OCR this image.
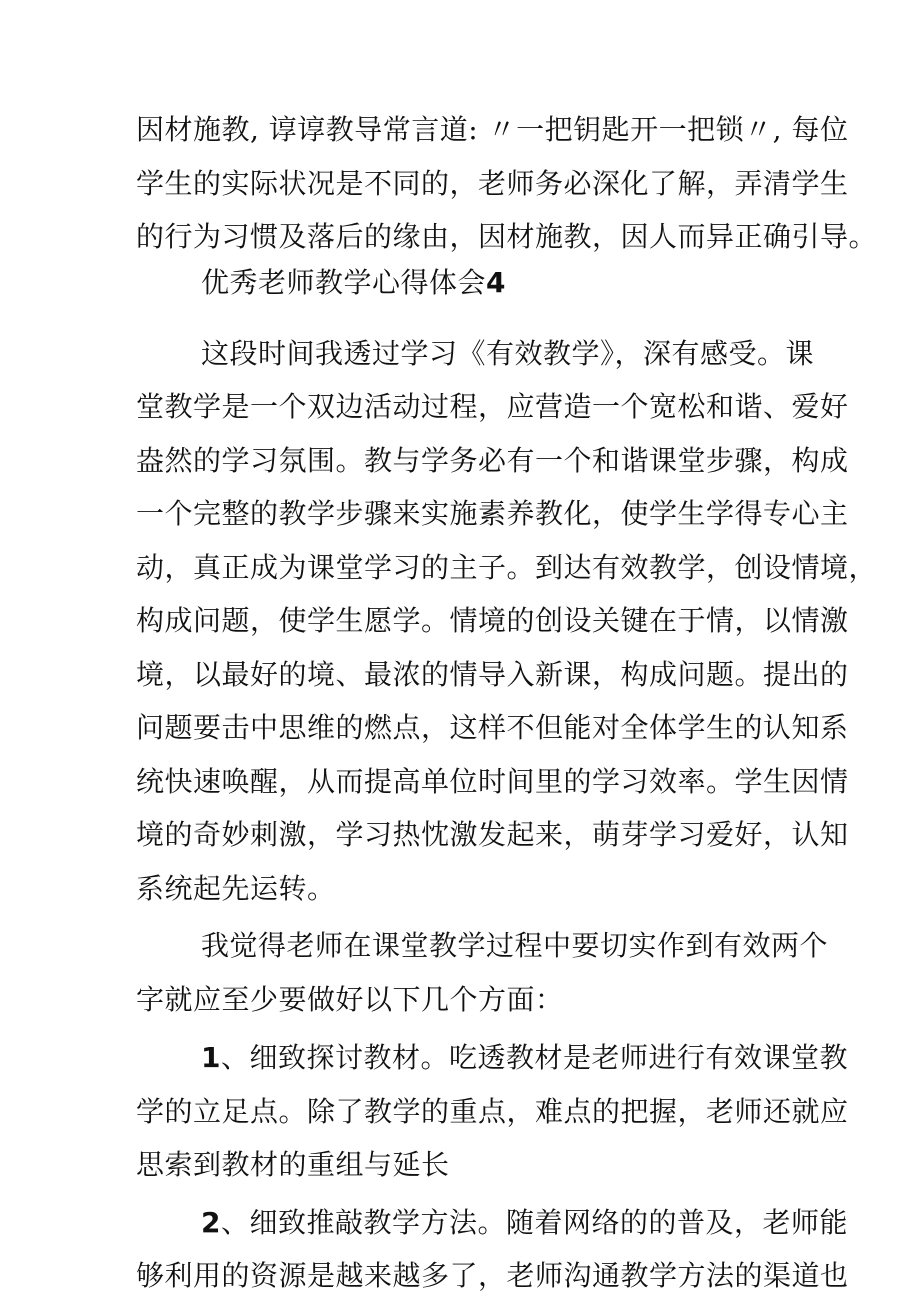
因材施教, 谆谆教导常言道: 〃一把钥匙开一把锁〃, 每位
学生的实际状况是不同的，老师务必深化了解，弄清学生
的行为习惯及落后的缘由，因材施教，因人而异正确引导。
优秀老师教学心得体会4
这段时间我透过学习《有效教学》，深有感受。课
堂教学是一个双边活动过程，应营造一个宽松和谐、爱好
盎然的学习氛围。教与学务必有一个和谐课堂步骤，构成
一个完整的教学步骤来实施素养教化，使学生学得专心主
动，真正成为课堂学习的主子。到达有效教学，创设情境，
构成问题，使学生愿学。情境的创设关键在于情，以情激
境，以最好的境、最浓的情导入新课，构成问题。提出的
问题要击中思维的燃点，这样不但能对全体学生的认知系
统快速唤醒，从而提高单位时间里的学习效率。学生因情
境的奇妙刺激，学习热忱激发起来，萌芽学习爱好，认知
系统起先运转。
我觉得老师在课堂教学过程中要切实作到有效两个
字就应至少要做好以下几个方面：
1、细致探讨教材。吃透教材是老师进行有效课堂教
学的立足点。除了教学的重点，难点的把握，老师还就应
思索到教材的重组与延长
2、细致推敲教学方法。随着网络的的普及，老师能
够利用的资源是越来越多了，老师沟通教学方法的渠道也
